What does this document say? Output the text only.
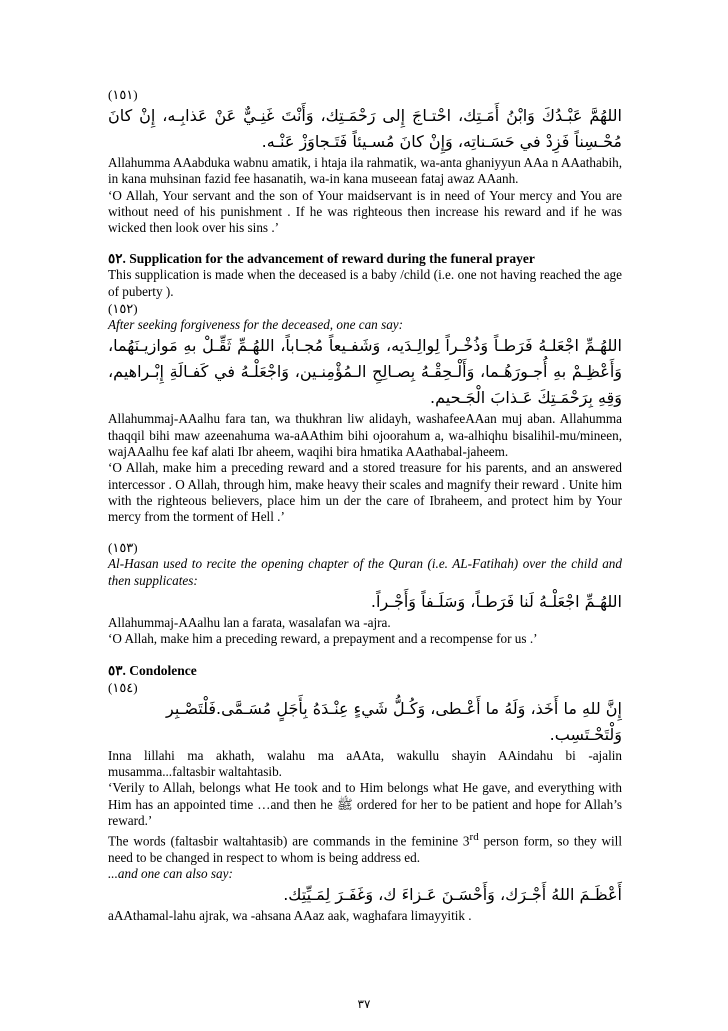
(١٥١)

اللهُمَّ عَبْـدُكَ وَابْنُ أَمَـتِك، احْتـاجَ إِلى رَحْمَـتِك، وَأَنْتَ غَنِـيٌّ عَنْ عَذابِـه، إِنْ كانَ مُحْـسِناً فَزِدْ في حَسَـناتِه، وَإِنْ كانَ مُسـيئاً فَتَـجاوَزْ عَنْـه.

Allahumma AAabduka wabnu amatik, i htaja ila rahmatik, wa-anta ghaniyyun AAa n AAathabih, in kana muhsinan fazid fee hasanatih, wa-in kana museean fataj awaz AAanh.

‘O Allah, Your servant and the son of Your maidservant is in need of Your mercy and You are without need of his punishment . If he was righteous then increase his reward and if he was wicked then look over his sins .’

٥٢. Supplication for the advancement of reward during the funeral prayer

This supplication is made when the deceased is a baby /child (i.e. one not having reached the age of puberty ).

(١٥٢)

After seeking forgiveness for the deceased, one can say:

اللهُـمِّ اجْعَلـهُ فَرَطـاً وَذُخْـراً لِوالِـدَيه، وَشَفـيعاً مُجـاباً، اللهُـمِّ ثَقِّـلْ بهِ مَوازيـنَهُما، وَأَعْظِـمْ بهِ أُجـورَهُـما، وَأَلْـحِقْـهُ بِصـالِحِ الـمُؤْمِنـين، وَاجْعَلْـهُ في كَفـالَةِ إِبْـراهيم، وَقِهِ بِرَحْمَـتِكَ عَـذابَ الْجَـحيم.

Allahummaj-AAalhu fara tan, wa thukhran liw alidayh, washafeeAAan muj aban. Allahumma thaqqil bihi maw azeenahuma wa-aAAthim bihi ojoorahum a, wa-alhiqhu bisalihil-mu/mineen, wajAAalhu fee kaf alati Ibr aheem, waqihi bira hmatika AAathabal-jaheem.

‘O Allah, make him a preceding reward and a stored treasure for his parents, and an answered intercessor . O Allah, through him, make heavy their scales and magnify their reward . Unite him with the righteous believers, place him un der the care of Ibraheem, and protect him by Your mercy from the torment of Hell .’

(١٥٣)

Al-Hasan used to recite the opening chapter of the Quran (i.e. AL-Fatihah) over the child and then supplicates:

اللهُـمِّ اجْعَلْـهُ لَنا فَرَطـاً، وَسَلَـفاً وَأَجْـراً.

Allahummaj-AAalhu lan a farata, wasalafan wa -ajra.

‘O Allah, make him a preceding reward, a prepayment and a recompense for us .’

٥٣. Condolence

(١٥٤)

إِنَّ للهِ ما أَخَذ، وَلَهُ ما أَعْـطى، وَكُـلُّ شَيءٍ عِنْـدَهُ بِأَجَلٍ مُسَـمَّى.فَلْتَصْـبِر وَلْتَحْـتَسِب.

Inna lillahi ma akhath, walahu ma aAAta, wakullu shayin AAindahu bi -ajalin musamma...faltasbir waltahtasib.

‘Verily to Allah, belongs what He took and to Him belongs what He gave, and everything with Him has an appointed time …and then he ﷺ ordered for her to be patient and hope for Allah’s reward.’

The words (faltasbir waltahtasib) are commands in the feminine 3rd person form, so they will need to be changed in respect to whom is being address ed.

...and one can also say:

أَعْظَـمَ اللهُ أَجْـرَك، وَأَحْسَـنَ عَـزاءَ ك، وَغَفَـرَ لِمَـيِّتِك.

aAAthamal-lahu ajrak, wa -ahsana AAaz aak, waghafara limayyitik .

٣٧
